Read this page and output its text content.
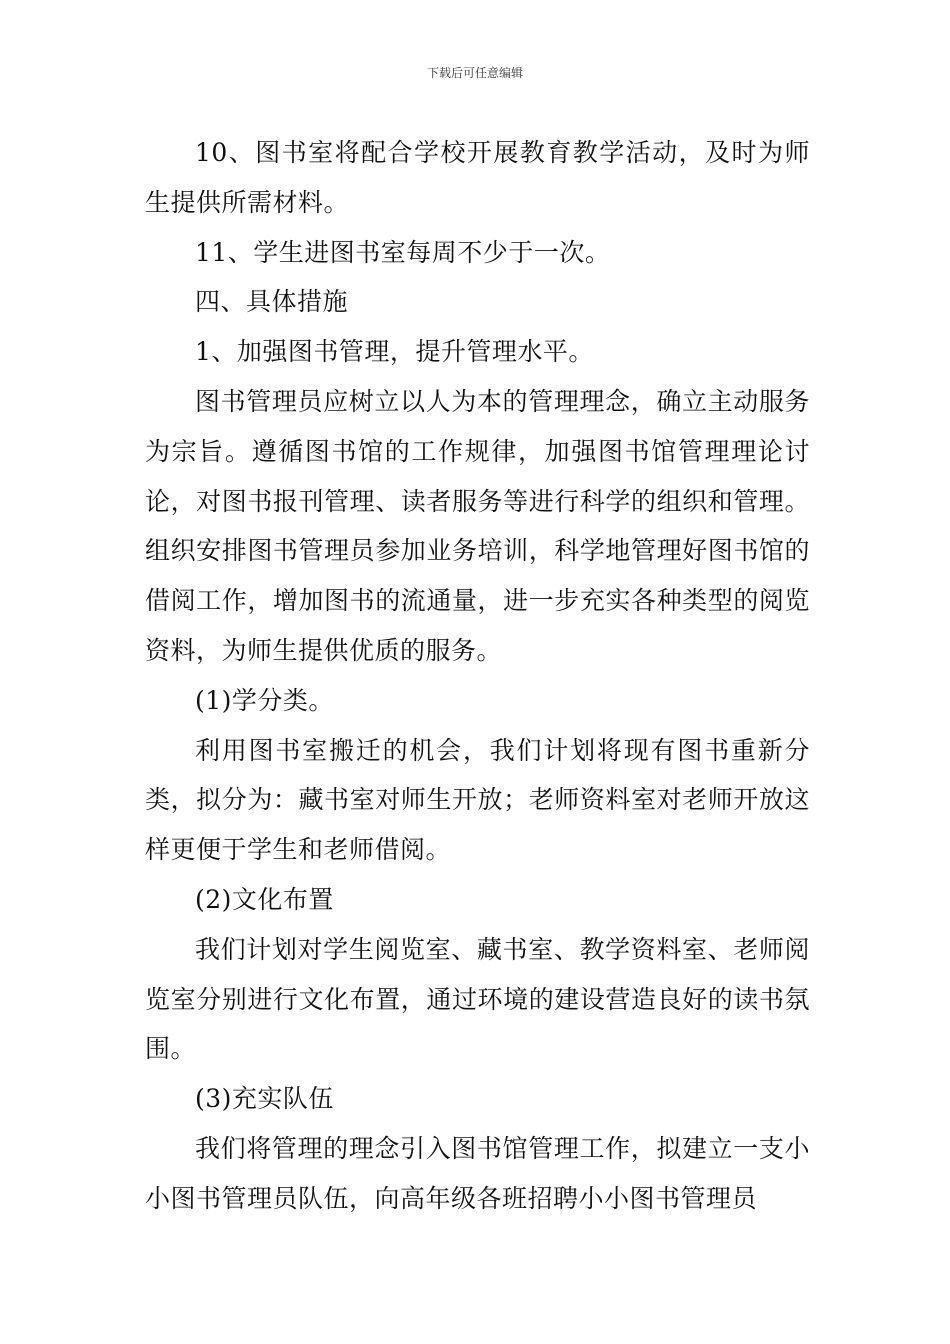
下载后可任意编辑

10、图书室将配合学校开展教育教学活动，及时为师生提供所需材料。

11、学生进图书室每周不少于一次。

四、具体措施

1、加强图书管理，提升管理水平。

图书管理员应树立以人为本的管理理念，确立主动服务为宗旨。遵循图书馆的工作规律，加强图书馆管理理论讨论，对图书报刊管理、读者服务等进行科学的组织和管理。组织安排图书管理员参加业务培训，科学地管理好图书馆的借阅工作，增加图书的流通量，进一步充实各种类型的阅览资料，为师生提供优质的服务。

(1)学分类。

利用图书室搬迁的机会，我们计划将现有图书重新分类，拟分为：藏书室对师生开放；老师资料室对老师开放这样更便于学生和老师借阅。

(2)文化布置

我们计划对学生阅览室、藏书室、教学资料室、老师阅览室分别进行文化布置，通过环境的建设营造良好的读书氛围。

(3)充实队伍

我们将管理的理念引入图书馆管理工作，拟建立一支小小图书管理员队伍，向高年级各班招聘小小图书管理员
